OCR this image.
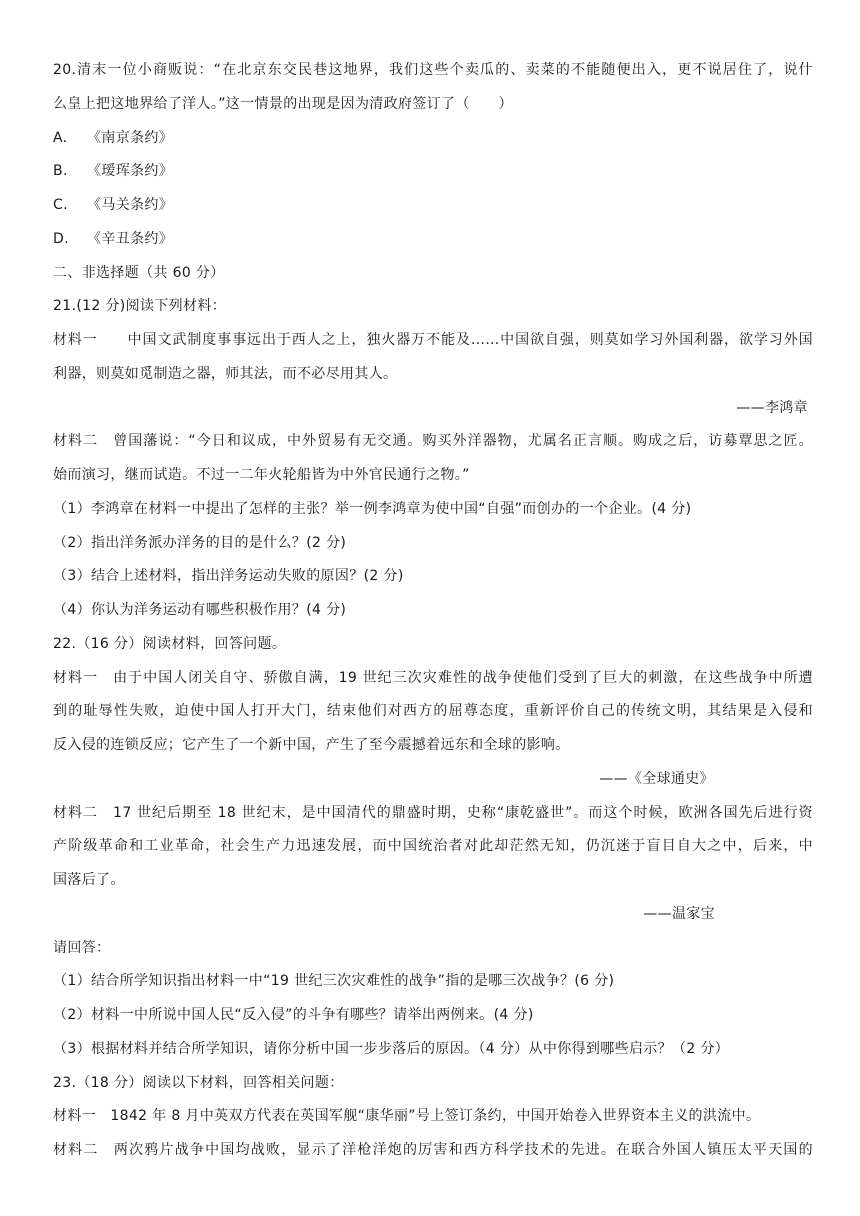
20.清末一位小商贩说：“在北京东交民巷这地界，我们这些个卖瓜的、卖菜的不能随便出入，更不说居住了，说什
么皇上把这地界给了洋人。”这一情景的出现是因为清政府签订了（　　）
A. 《南京条约》
B. 《瑷珲条约》
C. 《马关条约》
D. 《辛丑条约》
二、非选择题（共 60 分）
21.(12 分)阅读下列材料：
材料一　　中国文武制度事事远出于西人之上，独火器万不能及……中国欲自强，则莫如学习外国利器，欲学习外国
利器，则莫如觅制造之器，师其法，而不必尽用其人。
——李鸿章
材料二　曾国藩说：“今日和议成，中外贸易有无交通。购买外洋器物，尤属名正言顺。购成之后，访募覃思之匠。
始而演习，继而试造。不过一二年火轮船皆为中外官民通行之物。”
（1）李鸿章在材料一中提出了怎样的主张？举一例李鸿章为使中国“自强”而创办的一个企业。(4 分)
（2）指出洋务派办洋务的目的是什么？(2 分)
（3）结合上述材料，指出洋务运动失败的原因？(2 分)
（4）你认为洋务运动有哪些积极作用？(4 分)
22.（16 分）阅读材料，回答问题。
材料一　由于中国人闭关自守、骄傲自满，19 世纪三次灾难性的战争使他们受到了巨大的刺激，在这些战争中所遭
到的耻辱性失败，迫使中国人打开大门，结束他们对西方的屈尊态度，重新评价自己的传统文明，其结果是入侵和
反入侵的连锁反应；它产生了一个新中国，产生了至今震撼着远东和全球的影响。
——《全球通史》
材料二　17 世纪后期至 18 世纪末，是中国清代的鼎盛时期，史称“康乾盛世”。而这个时候，欧洲各国先后进行资
产阶级革命和工业革命，社会生产力迅速发展，而中国统治者对此却茫然无知，仍沉迷于盲目自大之中，后来，中
国落后了。
——温家宝
请回答：
（1）结合所学知识指出材料一中“19 世纪三次灾难性的战争”指的是哪三次战争？(6 分)
（2）材料一中所说中国人民“反入侵”的斗争有哪些？请举出两例来。(4 分)
（3）根据材料并结合所学知识，请你分析中国一步步落后的原因。（4 分）从中你得到哪些启示？（2 分）
23.（18 分）阅读以下材料，回答相关问题：
材料一　1842 年 8 月中英双方代表在英国军舰“康华丽”号上签订条约，中国开始卷入世界资本主义的洪流中。
材料二　两次鸦片战争中国均战败，显示了洋枪洋炮的厉害和西方科学技术的先进。在联合外国人镇压太平天国的
